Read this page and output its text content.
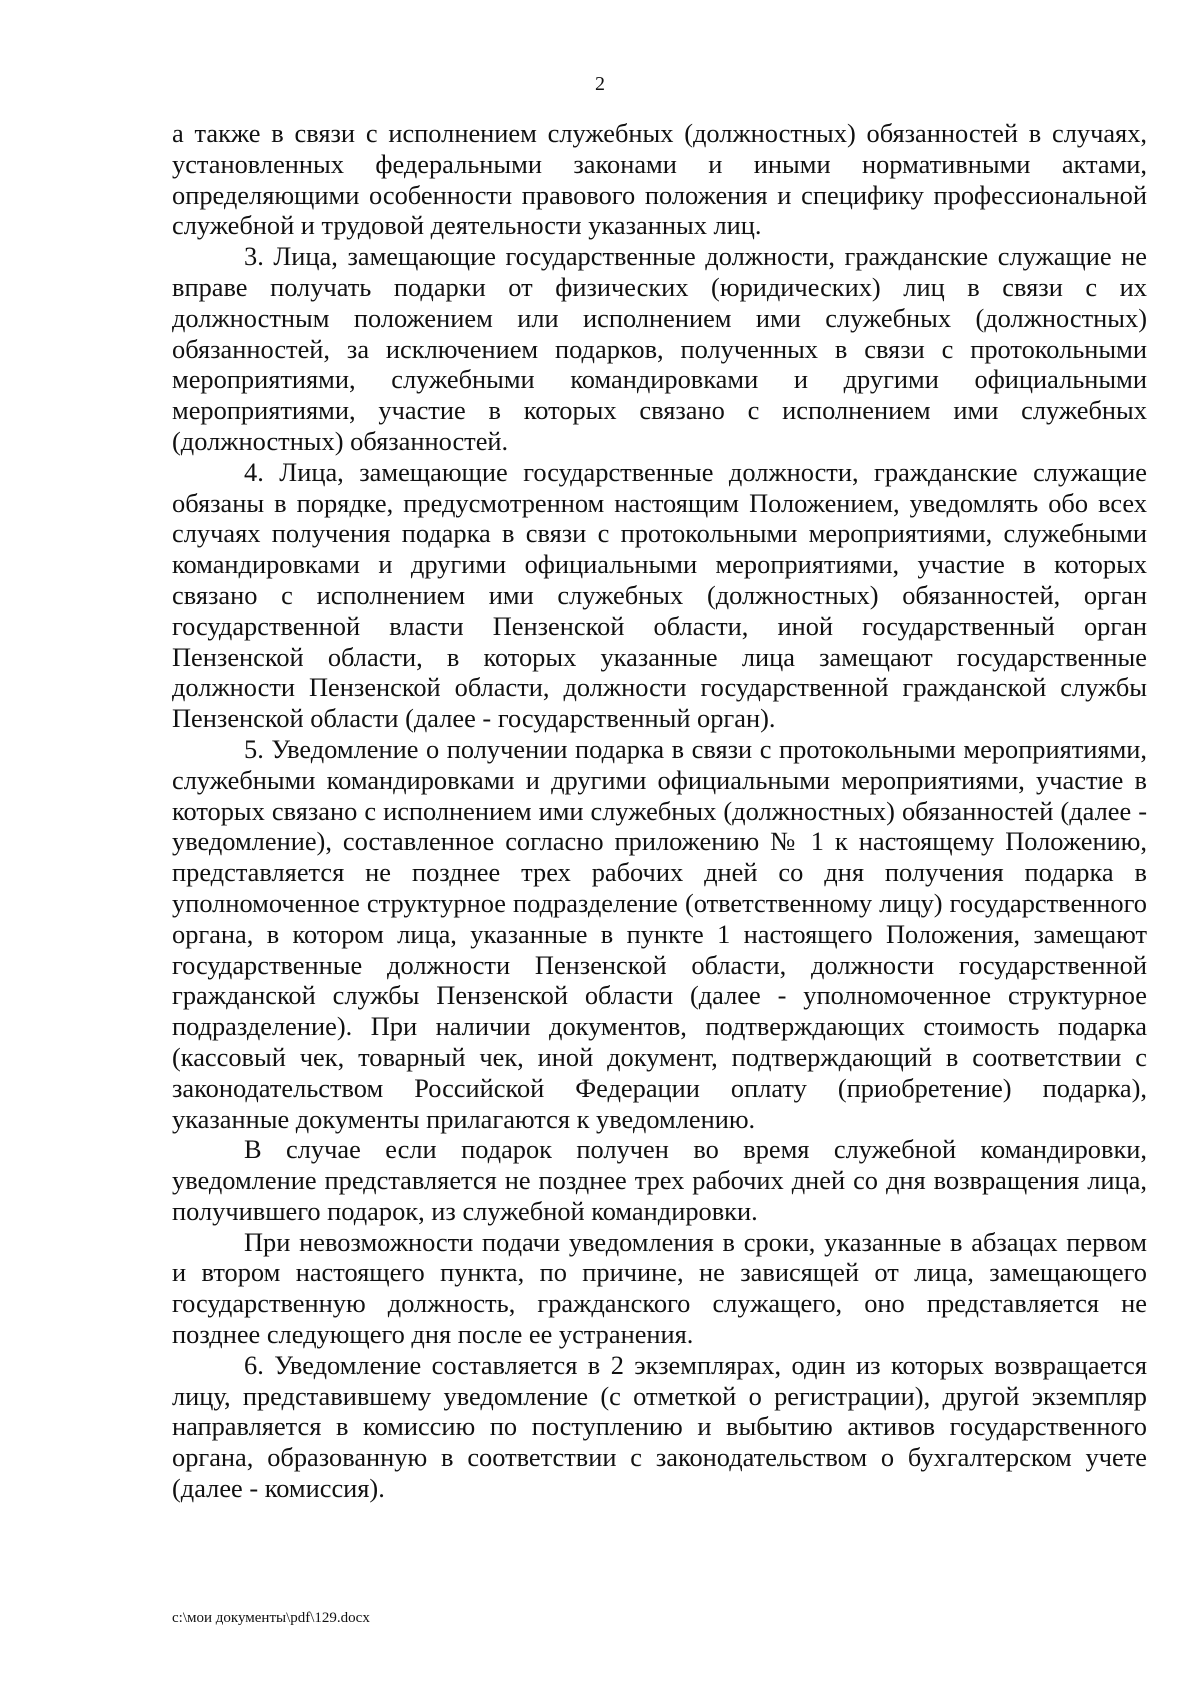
2

а также в связи с исполнением служебных (должностных) обязанностей в случаях, установленных федеральными законами и иными нормативными актами, определяющими особенности правового положения и специфику профессиональной служебной и трудовой деятельности указанных лиц.

3. Лица, замещающие государственные должности, гражданские служащие не вправе получать подарки от физических (юридических) лиц в связи с их должностным положением или исполнением ими служебных (должностных) обязанностей, за исключением подарков, полученных в связи с протокольными мероприятиями, служебными командировками и другими официальными мероприятиями, участие в которых связано с исполнением ими служебных (должностных) обязанностей.

4. Лица, замещающие государственные должности, гражданские служащие обязаны в порядке, предусмотренном настоящим Положением, уведомлять обо всех случаях получения подарка в связи с протокольными мероприятиями, служебными командировками и другими официальными мероприятиями, участие в которых связано с исполнением ими служебных (должностных) обязанностей, орган государственной власти Пензенской области, иной государственный орган Пензенской области, в которых указанные лица замещают государственные должности Пензенской области, должности государственной гражданской службы Пензенской области (далее - государственный орган).

5. Уведомление о получении подарка в связи с протокольными мероприятиями, служебными командировками и другими официальными мероприятиями, участие в которых связано с исполнением ими служебных (должностных) обязанностей (далее - уведомление), составленное согласно приложению № 1 к настоящему Положению, представляется не позднее трех рабочих дней со дня получения подарка в уполномоченное структурное подразделение (ответственному лицу) государственного органа, в котором лица, указанные в пункте 1 настоящего Положения, замещают государственные должности Пензенской области, должности государственной гражданской службы Пензенской области (далее - уполномоченное структурное подразделение). При наличии документов, подтверждающих стоимость подарка (кассовый чек, товарный чек, иной документ, подтверждающий в соответствии с законодательством Российской Федерации оплату (приобретение) подарка), указанные документы прилагаются к уведомлению.

В случае если подарок получен во время служебной командировки, уведомление представляется не позднее трех рабочих дней со дня возвращения лица, получившего подарок, из служебной командировки.

При невозможности подачи уведомления в сроки, указанные в абзацах первом и втором настоящего пункта, по причине, не зависящей от лица, замещающего государственную должность, гражданского служащего, оно представляется не позднее следующего дня после ее устранения.

6. Уведомление составляется в 2 экземплярах, один из которых возвращается лицу, представившему уведомление (с отметкой о регистрации), другой экземпляр направляется в комиссию по поступлению и выбытию активов государственного органа, образованную в соответствии с законодательством о бухгалтерском учете (далее - комиссия).

c:\мои документы\pdf\129.docx
